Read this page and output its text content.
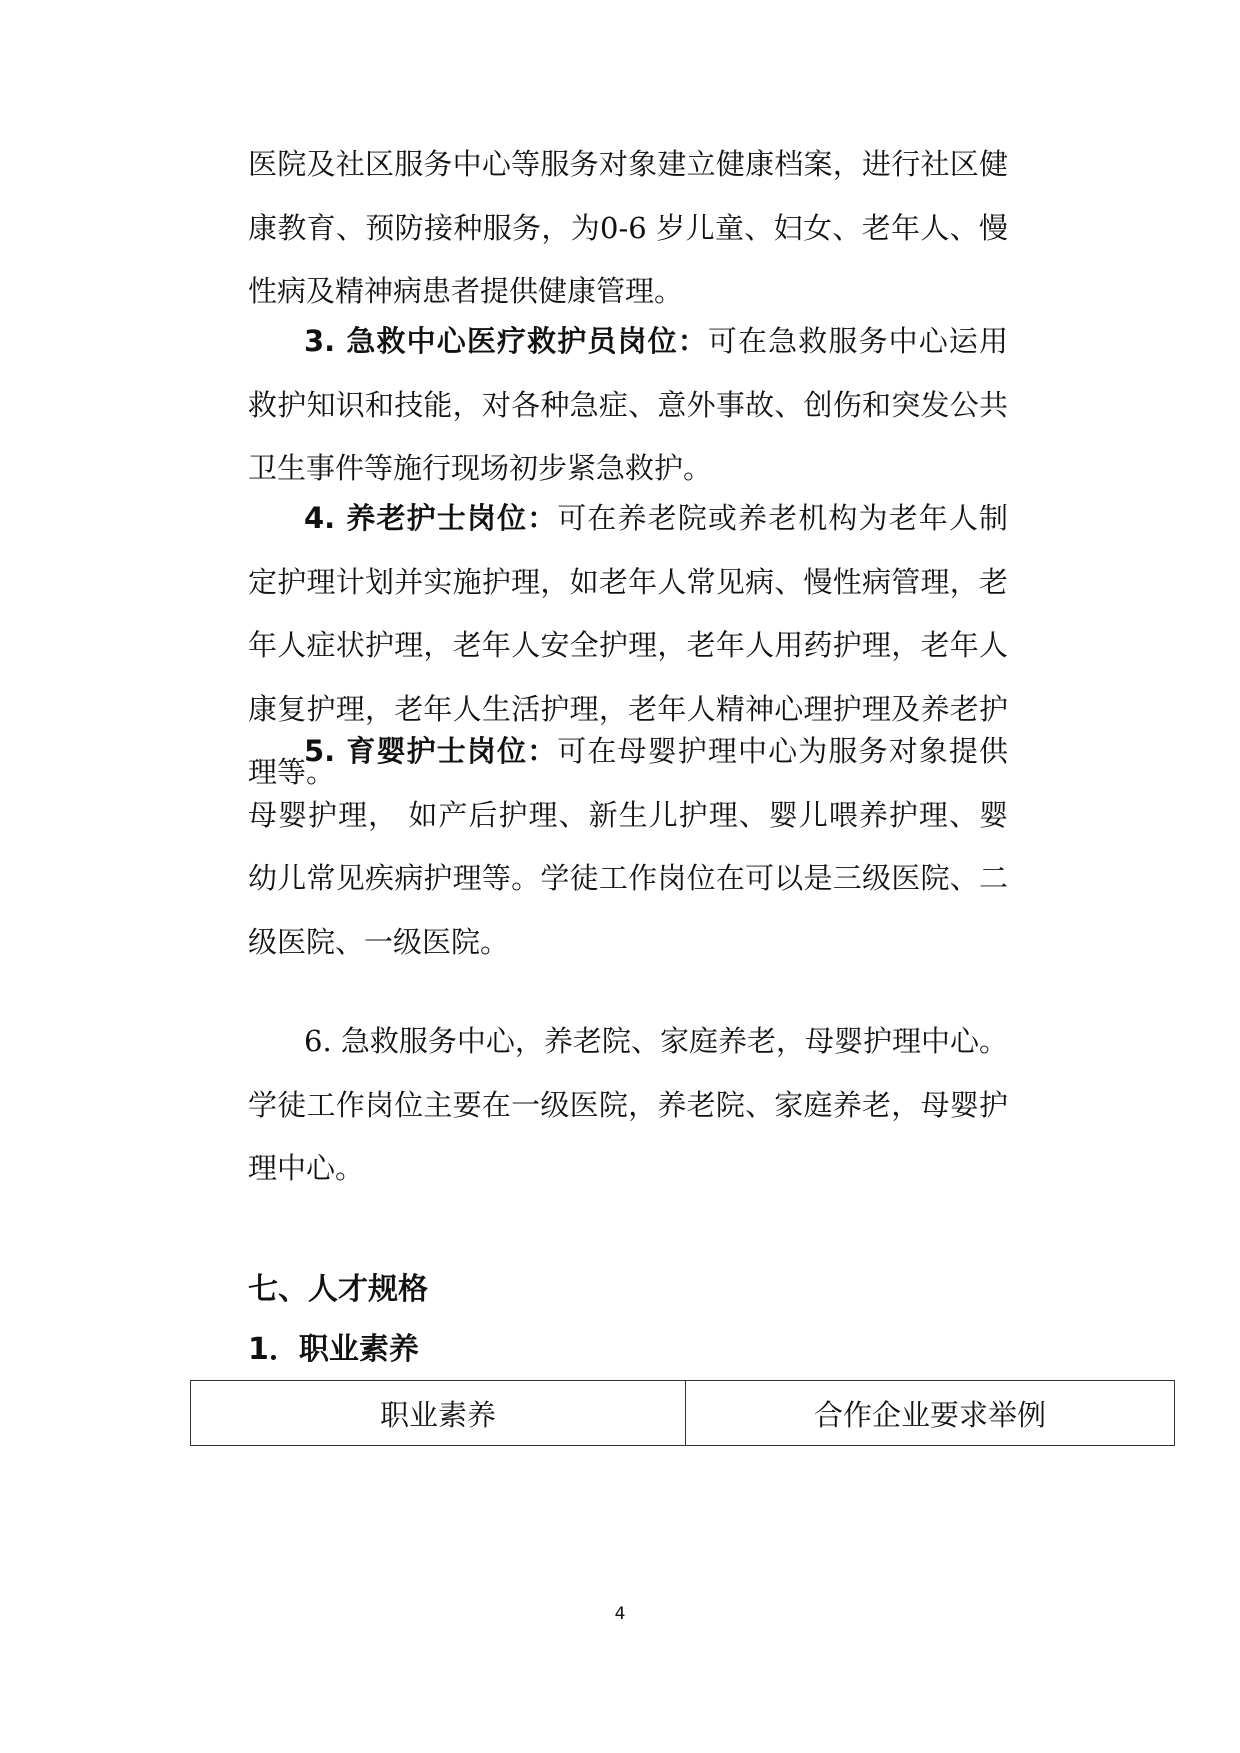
医院及社区服务中心等服务对象建立健康档案，进行社区健康教育、预防接种服务，为0-6 岁儿童、妇女、老年人、慢性病及精神病患者提供健康管理。
3. 急救中心医疗救护员岗位：可在急救服务中心运用救护知识和技能，对各种急症、意外事故、创伤和突发公共卫生事件等施行现场初步紧急救护。
4. 养老护士岗位：可在养老院或养老机构为老年人制定护理计划并实施护理，如老年人常见病、慢性病管理，老年人症状护理，老年人安全护理，老年人用药护理，老年人康复护理，老年人生活护理，老年人精神心理护理及养老护理等。
5. 育婴护士岗位：可在母婴护理中心为服务对象提供母婴护理， 如产后护理、新生儿护理、婴儿喂养护理、婴幼儿常见疾病护理等。学徒工作岗位在可以是三级医院、二级医院、一级医院。
6. 急救服务中心，养老院、家庭养老，母婴护理中心。学徒工作岗位主要在一级医院，养老院、家庭养老，母婴护理中心。
七、人才规格
1．职业素养
职业素养	合作企业要求举例
4
